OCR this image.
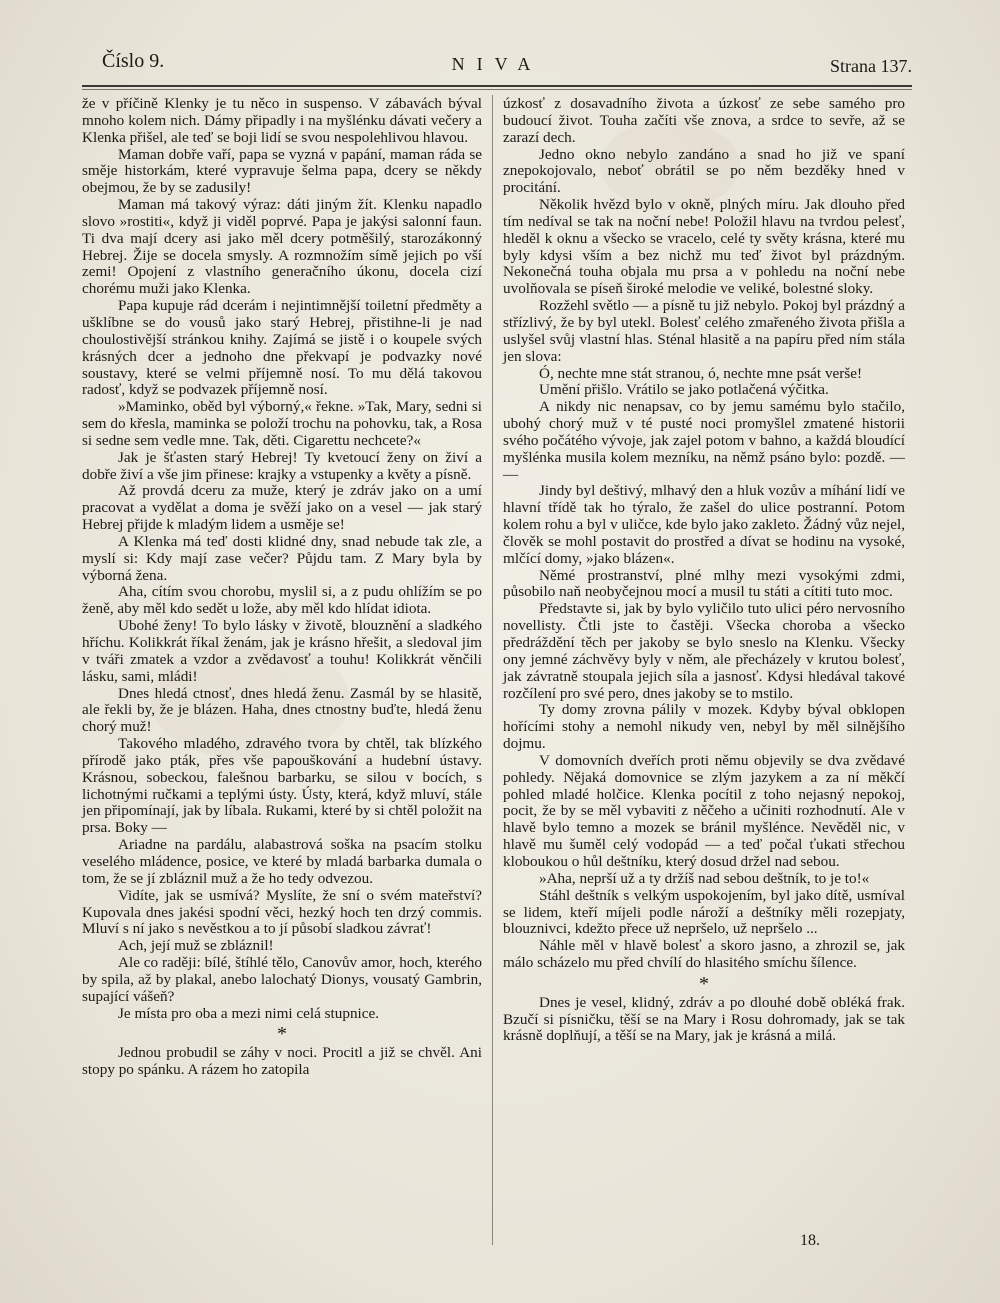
Číslo 9.	NIVA	Strana 137.

že v příčině Klenky je tu něco in suspenso. V zábavách býval mnoho kolem nich. Dámy připadly i na myšlénku dávati večery a Klenka přišel, ale teď se boji lidí se svou nespolehlivou hlavou.

Maman dobře vaří, papa se vyzná v papání, maman ráda se směje historkám, které vypravuje šelma papa, dcery se někdy obejmou, že by se zadusily!

Maman má takový výraz: dáti jiným žít. Klenku napadlo slovo »rostiti«, když ji viděl poprvé. Papa je jakýsi salonní faun. Ti dva mají dcery asi jako měl dcery potměšilý, starozákonný Hebrej. Žije se docela smysly. A rozmnožím símě jejich po vší zemi! Opojení z vlastního generačního úkonu, docela cizí chorému muži jako Klenka.

Papa kupuje rád dcerám i nejintimnější toiletní předměty a ušklíbne se do vousů jako starý Hebrej, přistihne-li je nad choulostivější stránkou knihy. Zajímá se jistě i o koupele svých krásných dcer a jednoho dne překvapí je podvazky nové soustavy, které se velmi příjemně nosí. To mu dělá takovou radosť, když se podvazek příjemně nosí.

»Maminko, oběd byl výborný,« řekne. »Tak, Mary, sedni si sem do křesla, maminka se položí trochu na pohovku, tak, a Rosa si sedne sem vedle mne. Tak, děti. Cigarettu nechcete?«

Jak je šťasten starý Hebrej! Ty kvetoucí ženy on živí a dobře živí a vše jim přinese: krajky a vstupenky a květy a písně.

Až provdá dceru za muže, který je zdráv jako on a umí pracovat a vydělat a doma je svěží jako on a vesel — jak starý Hebrej přijde k mladým lidem a usměje se!

A Klenka má teď dosti klidné dny, snad nebude tak zle, a myslí si: Kdy mají zase večer? Půjdu tam. Z Mary byla by výborná žena.

Aha, cítím svou chorobu, myslil si, a z pudu ohlížím se po ženě, aby měl kdo sedět u lože, aby měl kdo hlídat idiota.

Ubohé ženy! To bylo lásky v životě, blouznění a sladkého hříchu. Kolikkrát říkal ženám, jak je krásno hřešit, a sledoval jim v tváři zmatek a vzdor a zvědavosť a touhu! Kolikkrát věnčili lásku, sami, mládi!

Dnes hledá ctnosť, dnes hledá ženu. Zasmál by se hlasitě, ale řekli by, že je blázen. Haha, dnes ctnostny buďte, hledá ženu chorý muž!

Takového mladého, zdravého tvora by chtěl, tak blízkého přírodě jako pták, přes vše papouškování a hudební ústavy. Krásnou, sobeckou, falešnou barbarku, se silou v bocích, s lichotnými ručkami a teplými ústy. Ústy, která, když mluví, stále jen připomínají, jak by líbala. Rukami, které by si chtěl položit na prsa. Boky —

Ariadne na pardálu, alabastrová soška na psacím stolku veselého mládence, posice, ve které by mladá barbarka dumala o tom, že se jí zbláznil muž a že ho tedy odvezou.

Vidíte, jak se usmívá? Myslíte, že sní o svém mateřství? Kupovala dnes jakési spodní věci, hezký hoch ten drzý commis. Mluví s ní jako s nevěstkou a to jí působí sladkou závrať!

Ach, její muž se zbláznil!

Ale co raději: bílé, štíhlé tělo, Canovův amor, hoch, kterého by spila, až by plakal, anebo lalochatý Dionys, vousatý Gambrin, supající vášeň?

Je místa pro oba a mezi nimi celá stupnice.

*

Jednou probudil se záhy v noci. Procitl a již se chvěl. Ani stopy po spánku. A rázem ho zatopila

úzkosť z dosavadního života a úzkosť ze sebe samého pro budoucí život. Touha začíti vše znova, a srdce to sevře, až se zarazí dech.

Jedno okno nebylo zandáno a snad ho již ve spaní znepokojovalo, neboť obrátil se po něm bezděky hned v procitání.

Několik hvězd bylo v okně, plných míru. Jak dlouho před tím nedíval se tak na noční nebe! Položil hlavu na tvrdou pelesť, hleděl k oknu a všecko se vracelo, celé ty světy krásna, které mu byly kdysi vším a bez nichž mu teď život byl prázdným. Nekonečná touha objala mu prsa a v pohledu na noční nebe uvolňovala se píseň široké melodie ve veliké, bolestné sloky.

Rozžehl světlo — a písně tu již nebylo. Pokoj byl prázdný a střízlivý, že by byl utekl. Bolesť celého zmařeného života přišla a uslyšel svůj vlastní hlas. Sténal hlasitě a na papíru před ním stála jen slova:

Ó, nechte mne stát stranou, ó, nechte mne psát verše!

Umění přišlo. Vrátilo se jako potlačená výčitka.

A nikdy nic nenapsav, co by jemu samému bylo stačilo, ubohý chorý muž v té pusté noci promyšlel zmatené historii svého počátého vývoje, jak zajel potom v bahno, a každá bloudící myšlénka musila kolem mezníku, na němž psáno bylo: pozdě. — —

Jindy byl deštivý, mlhavý den a hluk vozův a míhání lidí ve hlavní třídě tak ho týralo, že zašel do ulice postranní. Potom kolem rohu a byl v uličce, kde bylo jako zakleto. Žádný vůz nejel, člověk se mohl postavit do prostřed a dívat se hodinu na vysoké, mlčící domy, »jako blázen«.

Němé prostranství, plné mlhy mezi vysokými zdmi, působilo naň neobyčejnou mocí a musil tu státi a cítiti tuto moc.

Představte si, jak by bylo vyličilo tuto ulici péro nervosního novellisty. Čtli jste to častěji. Všecka choroba a všecko předráždění těch per jakoby se bylo sneslo na Klenku. Všecky ony jemné záchvěvy byly v něm, ale přecházely v krutou bolesť, jak závratně stoupala jejich síla a jasnosť. Kdysi hledával takové rozčílení pro své pero, dnes jakoby se to mstilo.

Ty domy zrovna pálily v mozek. Kdyby býval obklopen hořícími stohy a nemohl nikudy ven, nebyl by měl silnějšího dojmu.

V domovních dveřích proti němu objevily se dva zvědavé pohledy. Nějaká domovnice se zlým jazykem a za ní měkčí pohled mladé holčice. Klenka pocítil z toho nejasný nepokoj, pocit, že by se měl vybaviti z něčeho a učiniti rozhodnutí. Ale v hlavě bylo temno a mozek se bránil myšlénce. Nevěděl nic, v hlavě mu šuměl celý vodopád — a teď počal ťukati střechou kloboukou o hůl deštníku, který dosud držel nad sebou.

»Aha, neprší už a ty držíš nad sebou deštník, to je to!«

Stáhl deštník s velkým uspokojením, byl jako dítě, usmíval se lidem, kteří míjeli podle nároží a deštníky měli rozepjaty, blouznivci, kdežto přece už nepršelo, už nepršelo ...

Náhle měl v hlavě bolesť a skoro jasno, a zhrozil se, jak málo scházelo mu před chvílí do hlasitého smíchu šílence.

*

Dnes je vesel, klidný, zdráv a po dlouhé době obléká frak. Bzučí si písničku, těší se na Mary i Rosu dohromady, jak se tak krásně doplňují, a těší se na Mary, jak je krásná a milá.

18.
